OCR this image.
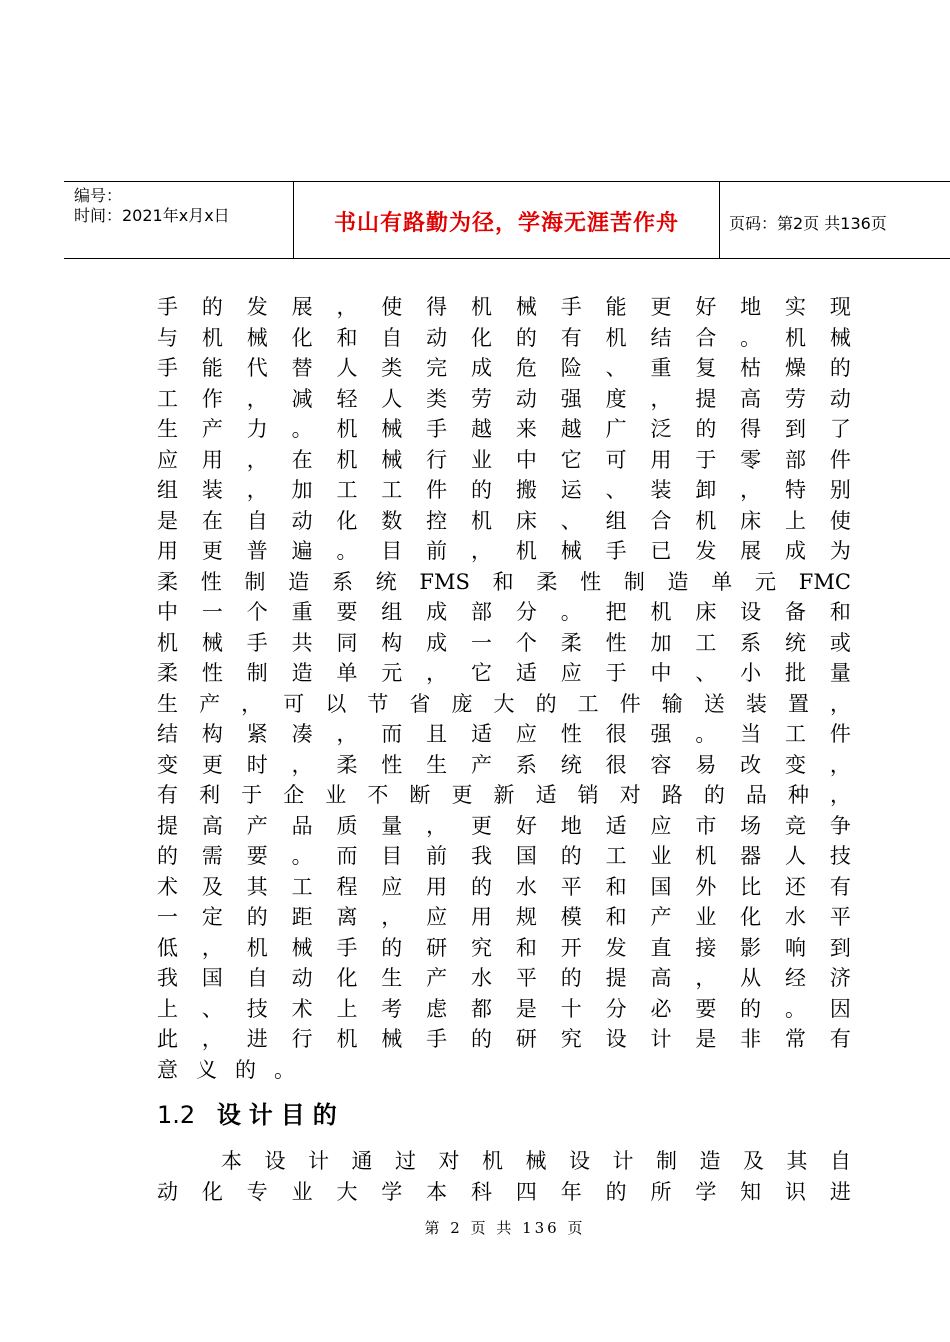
编号：
时间：2021年x月x日	书山有路勤为径，学海无涯苦作舟	页码：第2页 共136页
手 的 发 展 ， 使 得 机 械 手 能 更 好 地 实 现
与 机 械 化 和 自 动 化 的 有 机 结 合 。 机 械
手 能 代 替 人 类 完 成 危 险 、 重 复 枯 燥 的
工 作 ， 减 轻 人 类 劳 动 强 度 ， 提 高 劳 动
生 产 力 。 机 械 手 越 来 越 广 泛 的 得 到 了
应 用 ， 在 机 械 行 业 中 它 可 用 于 零 部 件
组 装 ， 加 工 工 件 的 搬 运 、 装 卸 ， 特 别
是 在 自 动 化 数 控 机 床 、 组 合 机 床 上 使
用 更 普 遍 。 目 前 ， 机 械 手 已 发 展 成 为
柔 性 制 造 系 统 FMS 和 柔 性 制 造 单 元 FMC
中 一 个 重 要 组 成 部 分 。 把 机 床 设 备 和
机 械 手 共 同 构 成 一 个 柔 性 加 工 系 统 或
柔 性 制 造 单 元 ， 它 适 应 于 中 、 小 批 量
生 产 ， 可 以 节 省 庞 大 的 工 件 输 送 装 置 ，
结 构 紧 凑 ， 而 且 适 应 性 很 强 。 当 工 件
变 更 时 ， 柔 性 生 产 系 统 很 容 易 改 变 ，
有 利 于 企 业 不 断 更 新 适 销 对 路 的 品 种 ，
提 高 产 品 质 量 ， 更 好 地 适 应 市 场 竞 争
的 需 要 。 而 目 前 我 国 的 工 业 机 器 人 技
术 及 其 工 程 应 用 的 水 平 和 国 外 比 还 有
一 定 的 距 离 ， 应 用 规 模 和 产 业 化 水 平
低 ， 机 械 手 的 研 究 和 开 发 直 接 影 响 到
我 国 自 动 化 生 产 水 平 的 提 高 ， 从 经 济
上 、 技 术 上 考 虑 都 是 十 分 必 要 的 。 因
此 ， 进 行 机 械 手 的 研 究 设 计 是 非 常 有
意 义 的 。
1.2 设计目的
本 设 计 通 过 对 机 械 设 计 制 造 及 其 自
动 化 专 业 大 学 本 科 四 年 的 所 学 知 识 进
第 2 页 共 136 页
